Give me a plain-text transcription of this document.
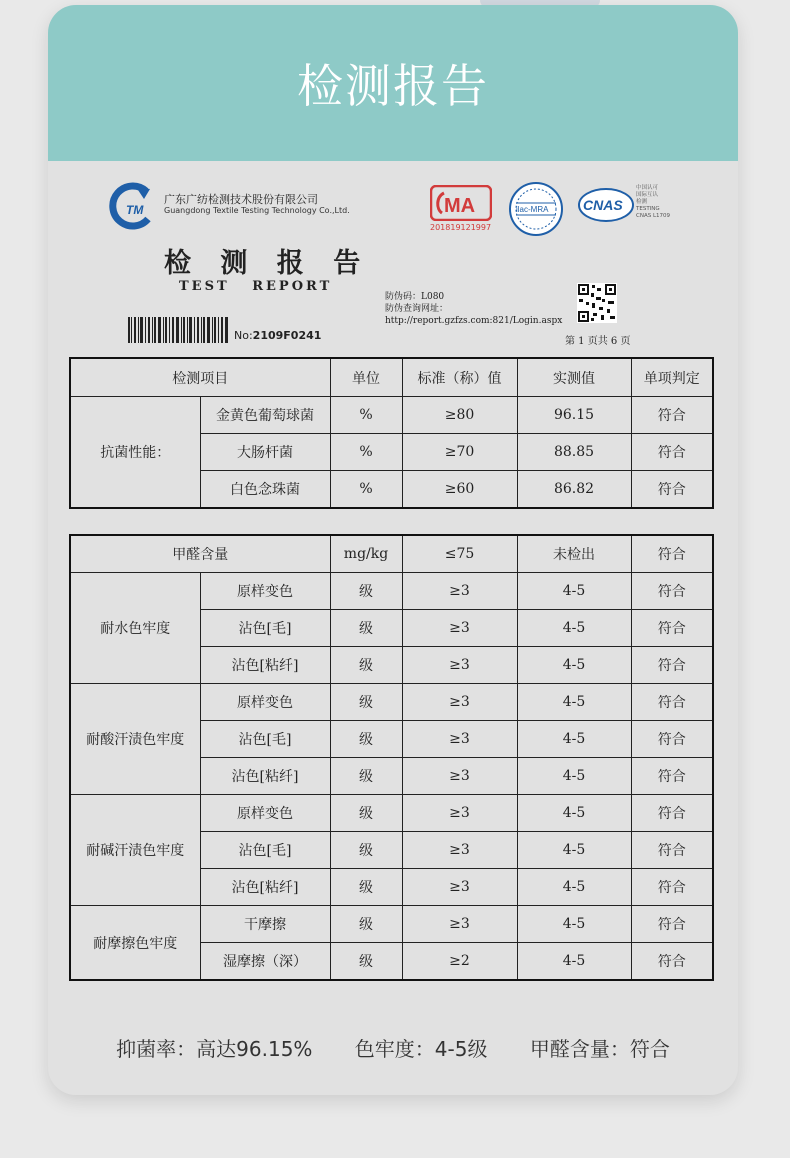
检测报告
TM
广东广纺检测技术股份有限公司
Guangdong Textile Testing Technology Co.,Ltd.
检 测 报 告
TEST   REPORT
No:2109F0241
MA
201819121997
ilac-MRA CNAS
中国认可
国际互认
检测
TESTING
CNAS L1709
防伪码：L080
防伪查询网址：
http://report.gzfzs.com:821/Login.aspx
第 1 页共 6 页
检测项目		单位	标准（称）值	实测值	单项判定
抗菌性能：	金黄色葡萄球菌	%	≥80	96.15	符合
	大肠杆菌	%	≥70	88.85	符合
	白色念珠菌	%	≥60	86.82	符合
甲醛含量		mg/kg	≤75	未检出	符合
耐水色牢度	原样变色	级	≥3	4-5	符合
	沾色[毛]	级	≥3	4-5	符合
	沾色[粘纤]	级	≥3	4-5	符合
耐酸汗渍色牢度	原样变色	级	≥3	4-5	符合
	沾色[毛]	级	≥3	4-5	符合
	沾色[粘纤]	级	≥3	4-5	符合
耐碱汗渍色牢度	原样变色	级	≥3	4-5	符合
	沾色[毛]	级	≥3	4-5	符合
	沾色[粘纤]	级	≥3	4-5	符合
耐摩擦色牢度	干摩擦	级	≥3	4-5	符合
	湿摩擦（深）	级	≥2	4-5	符合
抑菌率：高达96.15% 色牢度：4-5级 甲醛含量：符合
